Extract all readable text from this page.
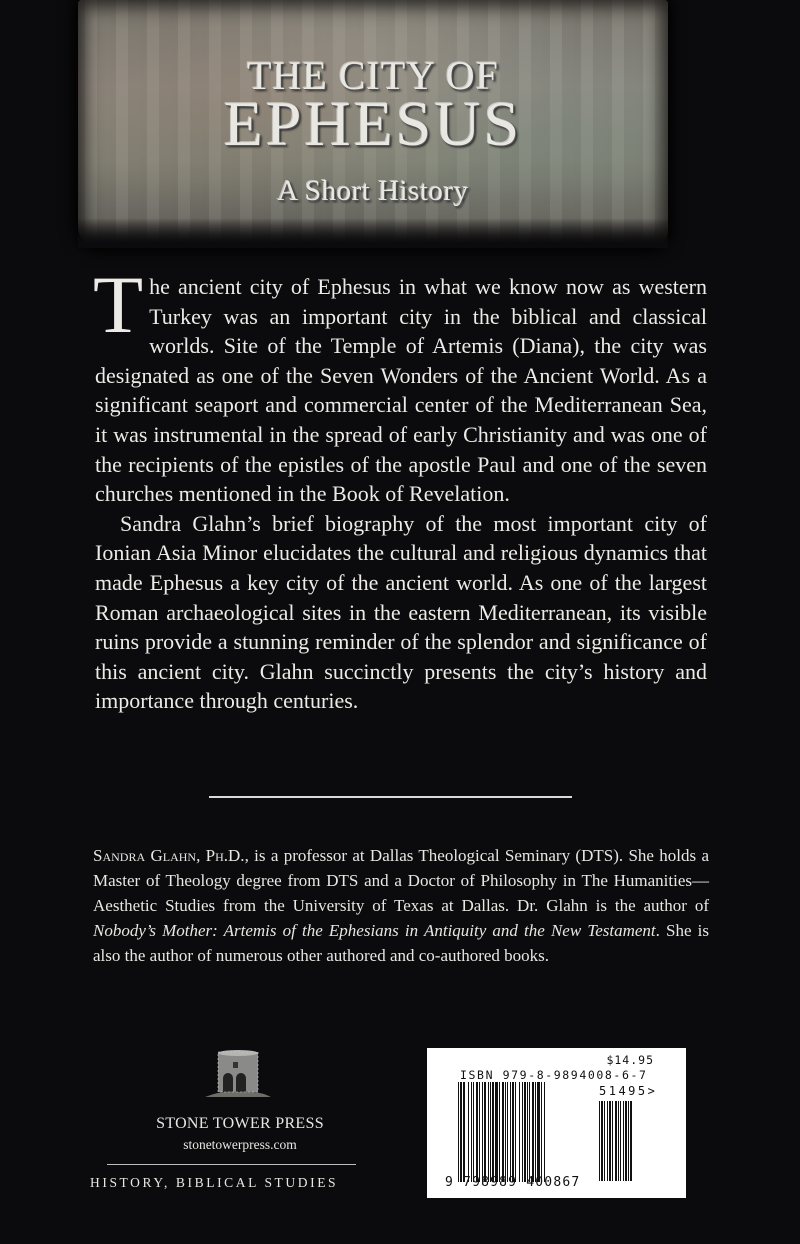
THE CITY OF
EPHESUS
A Short History

The ancient city of Ephesus in what we know now as western Turkey was an important city in the biblical and classical worlds. Site of the Temple of Artemis (Diana), the city was designated as one of the Seven Wonders of the Ancient World. As a significant seaport and commercial center of the Mediterranean Sea, it was instrumental in the spread of early Christianity and was one of the recipients of the epistles of the apostle Paul and one of the seven churches mentioned in the Book of Revelation.

Sandra Glahn’s brief biography of the most important city of Ionian Asia Minor elucidates the cultural and religious dynamics that made Ephesus a key city of the ancient world. As one of the largest Roman archaeological sites in the eastern Mediterranean, its visible ruins provide a stunning reminder of the splendor and significance of this ancient city. Glahn succinctly presents the city’s history and importance through centuries.

Sandra Glahn, Ph.D., is a professor at Dallas Theological Seminary (DTS). She holds a Master of Theology degree from DTS and a Doctor of Philosophy in The Humanities—Aesthetic Studies from the University of Texas at Dallas. Dr. Glahn is the author of Nobody’s Mother: Artemis of the Ephesians in Antiquity and the New Testament. She is also the author of numerous other authored and co-authored books.
STONE TOWER PRESS
stonetowerpress.com
HISTORY, BIBLICAL STUDIES
$14.95
ISBN 979-8-9894008-6-7
51495>
9 798989 400867
